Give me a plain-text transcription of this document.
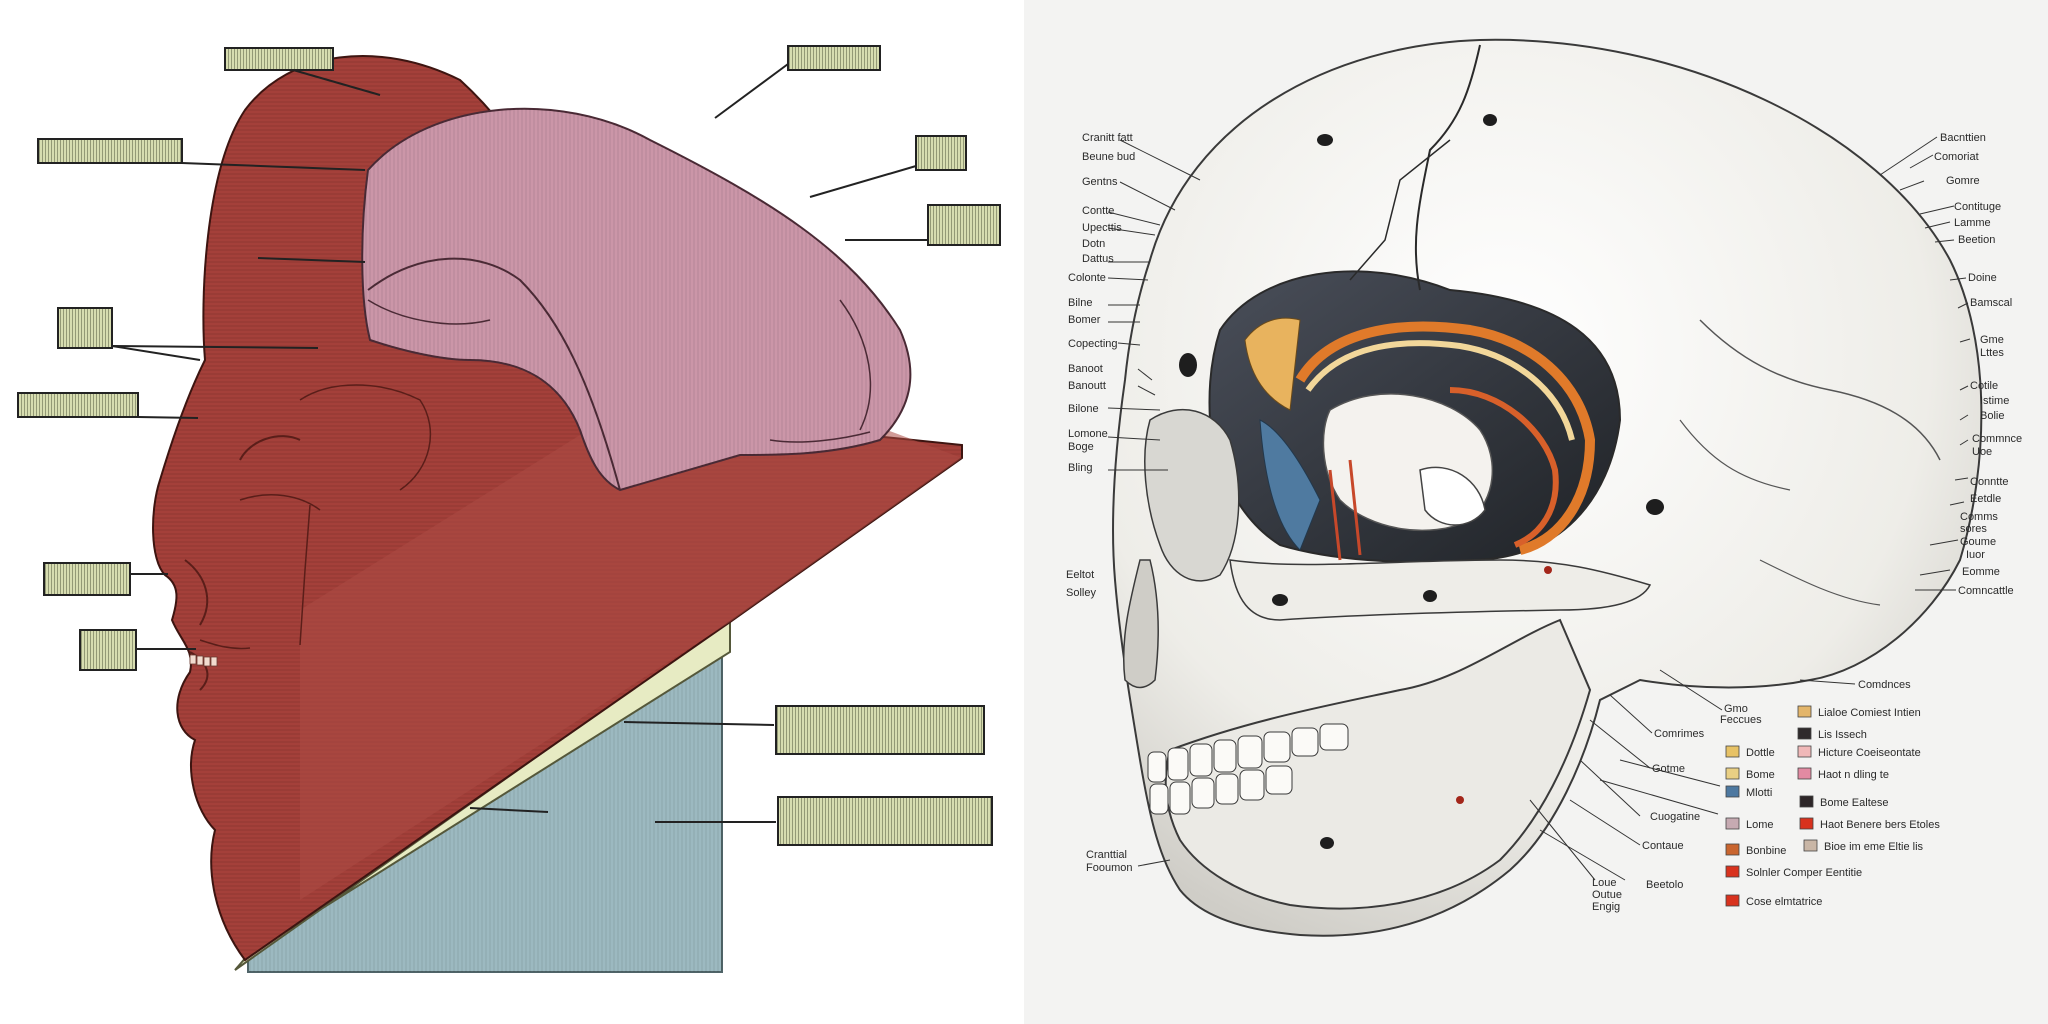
Cranitt fatt
Beune bud
Gentns
Contte
Upecttis
Dotn
Dattus
Colonte
Bilne
Bomer
Copecting
Banoot
Banoutt
Bilone
Lomone
Boge
Bling
Eeltot
Solley
Cranttial
Fooumon
Bacnttien
Comoriat
Gomre
Contituge
Lamme
Beetion
Doine
Bamscal
Gme
Lttes
Cotile
Istime
Bolie
Commnce
Uoe
Conntte
Eetdle
Comms
sores
Goume
Iuor
Eomme
Comncattle
Comdnces
Gmo
Feccues
Comrimes
Gotme
Cuogatine
Contaue
Loue
Outue
Engig
Beetolo
Lialoe Comiest Intien
Lis Issech
Dottle	Hicture Coeiseontate
Bome	Haot n dling te
Mlotti
Bome Ealtese
Lome	Haot Benere bers Etoles
Bonbine	Bioe im eme Eltie lis
Solnler Comper Eentitie
Cose elmtatrice
